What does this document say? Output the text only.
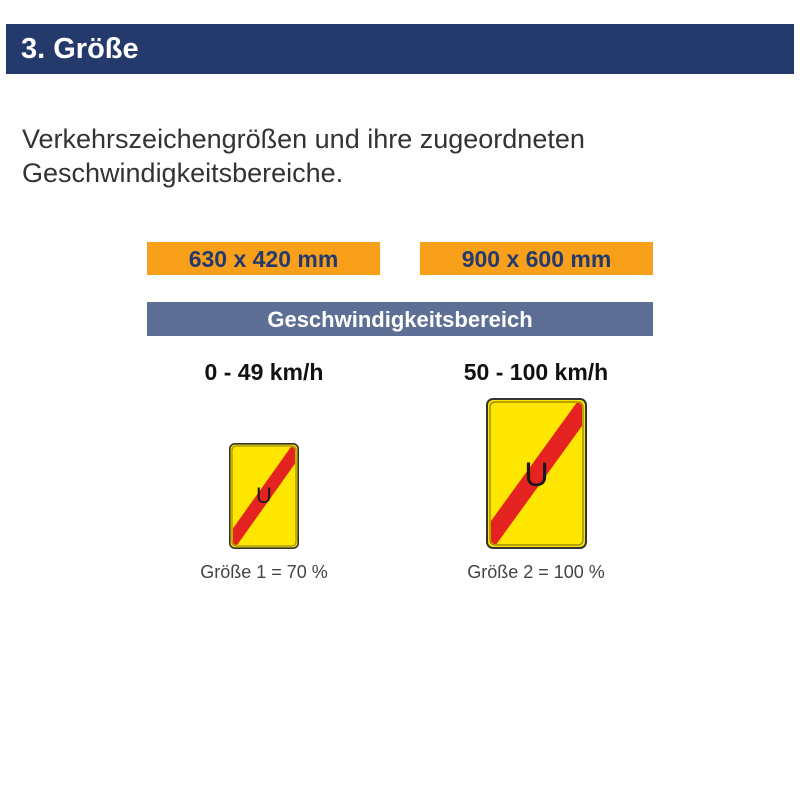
3. Größe
Verkehrszeichengrößen und ihre zugeordneten
Geschwindigkeitsbereiche.
630 x 420 mm	900 x 600 mm
Geschwindigkeitsbereich
0 - 49 km/h	50 - 100 km/h
U
U
Größe 1 = 70 %	Größe 2 = 100 %
